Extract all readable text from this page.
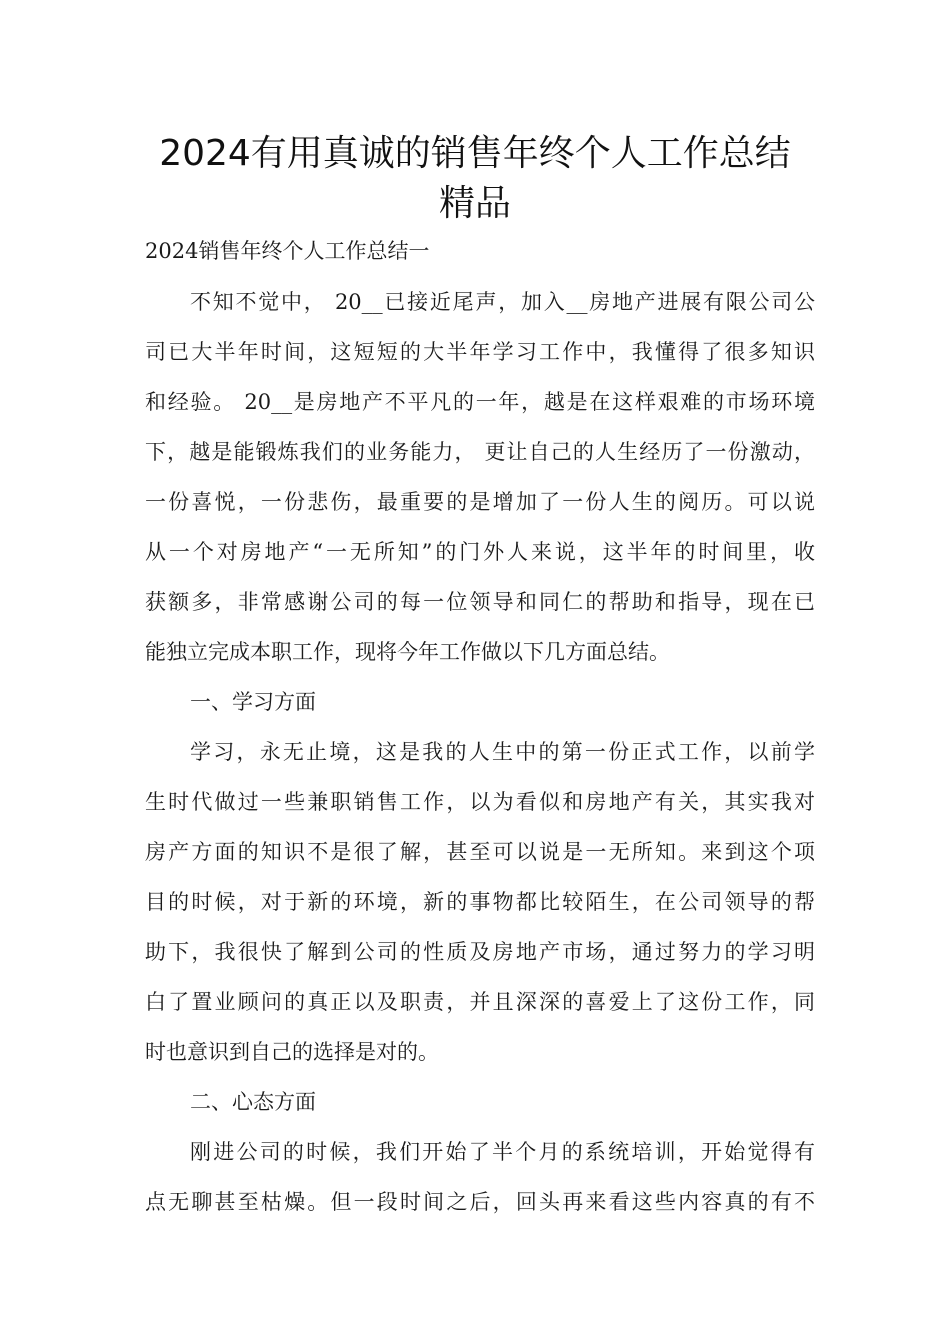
2024有用真诚的销售年终个人工作总结
精品
2024销售年终个人工作总结一
不知不觉中， 20__已接近尾声，加入__房地产进展有限公司公
司已大半年时间，这短短的大半年学习工作中，我懂得了很多知识
和经验。 20__是房地产不平凡的一年，越是在这样艰难的市场环境
下，越是能锻炼我们的业务能力， 更让自己的人生经历了一份激动，
一份喜悦，一份悲伤，最重要的是增加了一份人生的阅历。可以说
从一个对房地产“一无所知”的门外人来说，这半年的时间里，收
获额多，非常感谢公司的每一位领导和同仁的帮助和指导，现在已
能独立完成本职工作，现将今年工作做以下几方面总结。
一、学习方面
学习，永无止境，这是我的人生中的第一份正式工作，以前学
生时代做过一些兼职销售工作，以为看似和房地产有关，其实我对
房产方面的知识不是很了解，甚至可以说是一无所知。来到这个项
目的时候，对于新的环境，新的事物都比较陌生，在公司领导的帮
助下，我很快了解到公司的性质及房地产市场，通过努力的学习明
白了置业顾问的真正以及职责，并且深深的喜爱上了这份工作，同
时也意识到自己的选择是对的。
二、心态方面
刚进公司的时候，我们开始了半个月的系统培训，开始觉得有
点无聊甚至枯燥。但一段时间之后，回头再来看这些内容真的有不
